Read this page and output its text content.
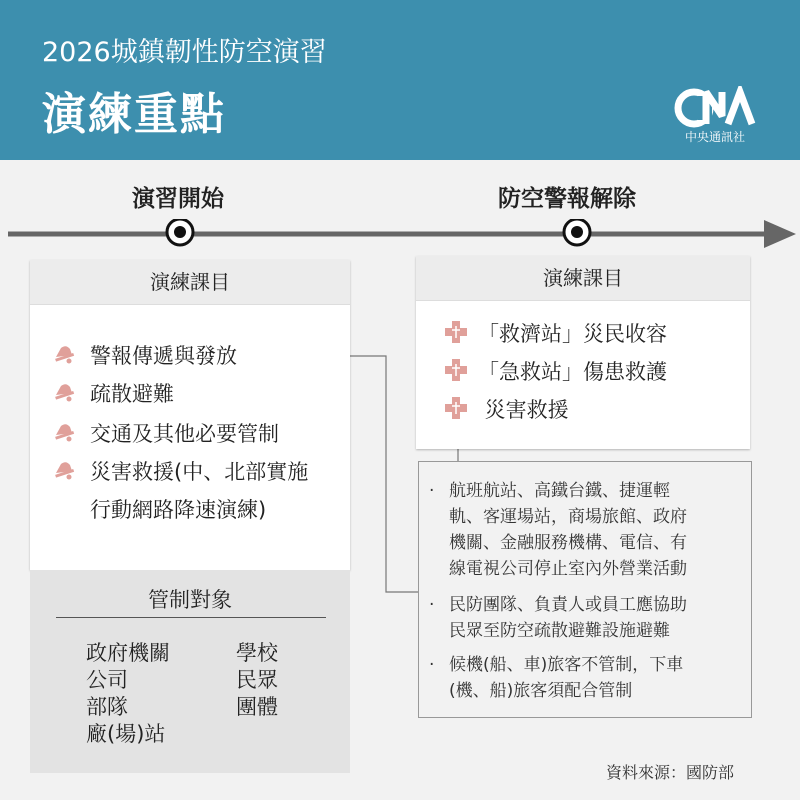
2026城鎮韌性防空演習
演練重點	中央通訊社
演習開始	防空警報解除
演練課目
警報傳遞與發放
疏散避難
交通及其他必要管制
災害救援(中、北部實施
行動網路降速演練)
管制對象
政府機關
公司
部隊
廠(場)站
學校
民眾
團體
演練課目
「救濟站」災民收容
「急救站」傷患救護
災害救援
‧ 航班航站、高鐵台鐵、捷運輕
軌、客運場站，商場旅館、政府
機關、金融服務機構、電信、有
線電視公司停止室內外營業活動
‧ 民防團隊、負責人或員工應協助
民眾至防空疏散避難設施避難
‧ 候機(船、車)旅客不管制，下車
(機、船)旅客須配合管制
資料來源：國防部
